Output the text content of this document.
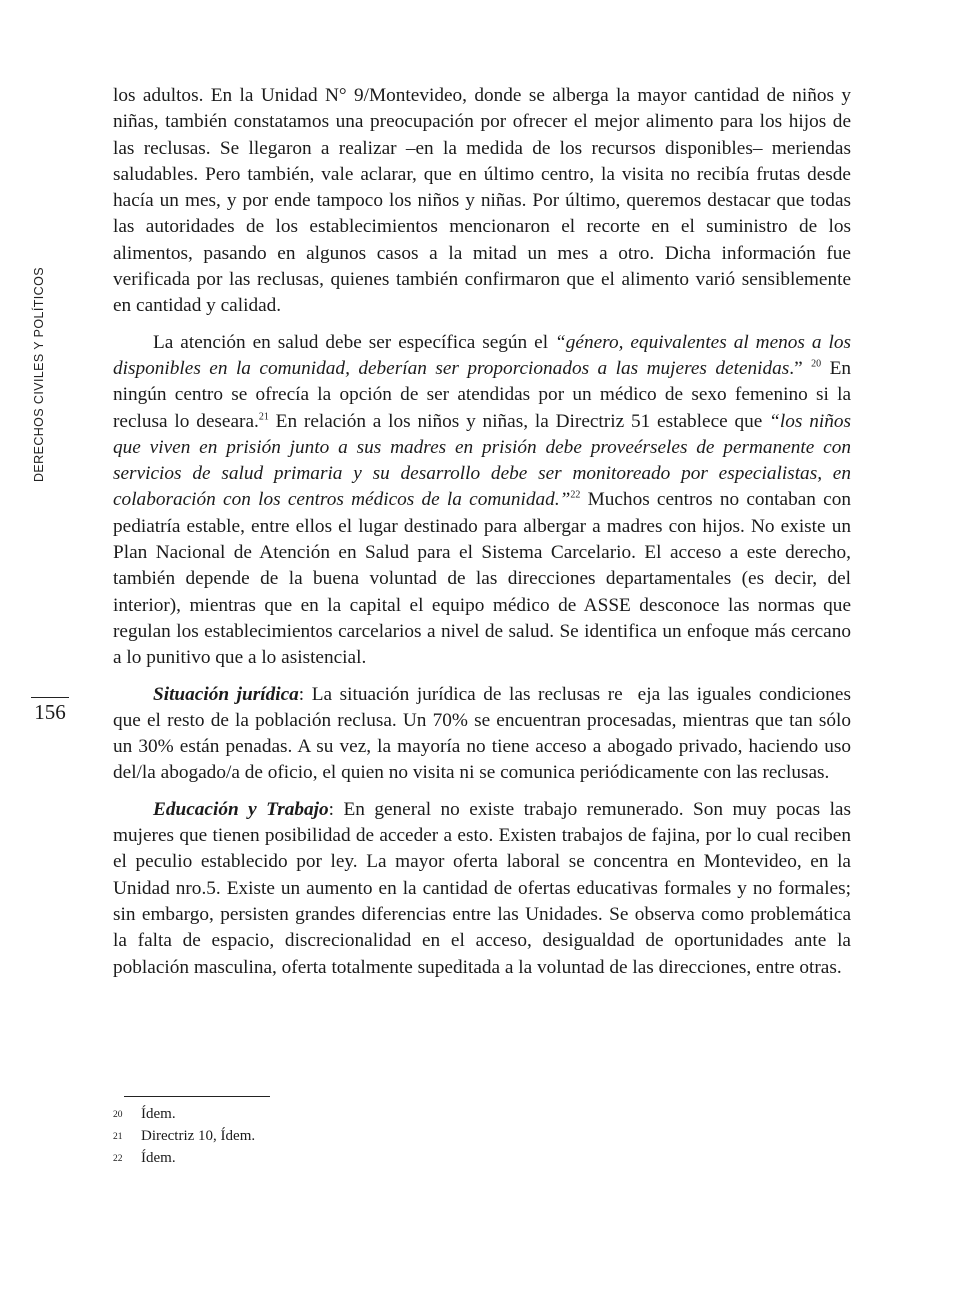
DERECHOS CIVILES Y POLÍTICOS
156

los adultos. En la Unidad N° 9/Montevideo, donde se alberga la mayor cantidad de niños y niñas, también constatamos una preocupación por ofrecer el mejor alimento para los hijos de las reclusas. Se llegaron a realizar –en la medida de los recursos disponibles– meriendas saludables. Pero también, vale aclarar, que en último centro, la visita no recibía frutas desde hacía un mes, y por ende tampoco los niños y niñas. Por último, queremos destacar que todas las autoridades de los establecimientos mencionaron el recorte en el suministro de los alimentos, pasando en algunos casos a la mitad un mes a otro. Dicha información fue verificada por las reclusas, quienes también confirmaron que el alimento varió sensiblemente en cantidad y calidad.

La atención en salud debe ser específica según el “género, equivalentes al menos a los disponibles en la comunidad, deberían ser proporcionados a las mujeres detenidas.” $^{20}$ En ningún centro se ofrecía la opción de ser atendidas por un médico de sexo femenino si la reclusa lo deseara.$^{21}$ En relación a los niños y niñas, la Directriz 51 establece que “los niños que viven en prisión junto a sus madres en prisión debe proveérseles de permanente con servicios de salud primaria y su desarrollo debe ser monitoreado por especialistas, en colaboración con los centros médicos de la comunidad.”$^{22}$ Muchos centros no contaban con pediatría estable, entre ellos el lugar destinado para albergar a madres con hijos. No existe un Plan Nacional de Atención en Salud para el Sistema Carcelario. El acceso a este derecho, también depende de la buena voluntad de las direcciones departamentales (es decir, del interior), mientras que en la capital el equipo médico de ASSE desconoce las normas que regulan los establecimientos carcelarios a nivel de salud. Se identifica un enfoque más cercano a lo punitivo que a lo asistencial.

Situación jurídica: La situación jurídica de las reclusas re eja las iguales condiciones que el resto de la población reclusa. Un 70% se encuentran procesadas, mientras que tan sólo un 30% están penadas. A su vez, la mayoría no tiene acceso a abogado privado, haciendo uso del/la abogado/a de oficio, el quien no visita ni se comunica periódicamente con las reclusas.

Educación y Trabajo: En general no existe trabajo remunerado. Son muy pocas las mujeres que tienen posibilidad de acceder a esto. Existen trabajos de fajina, por lo cual reciben el peculio establecido por ley. La mayor oferta laboral se concentra en Montevideo, en la Unidad nro.5. Existe un aumento en la cantidad de ofertas educativas formales y no formales; sin embargo, persisten grandes diferencias entre las Unidades. Se observa como problemática la falta de espacio, discrecionalidad en el acceso, desigualdad de oportunidades ante la población masculina, oferta totalmente supeditada a la voluntad de las direcciones, entre otras.

20	Ídem.
21	Directriz 10, Ídem.
22	Ídem.
